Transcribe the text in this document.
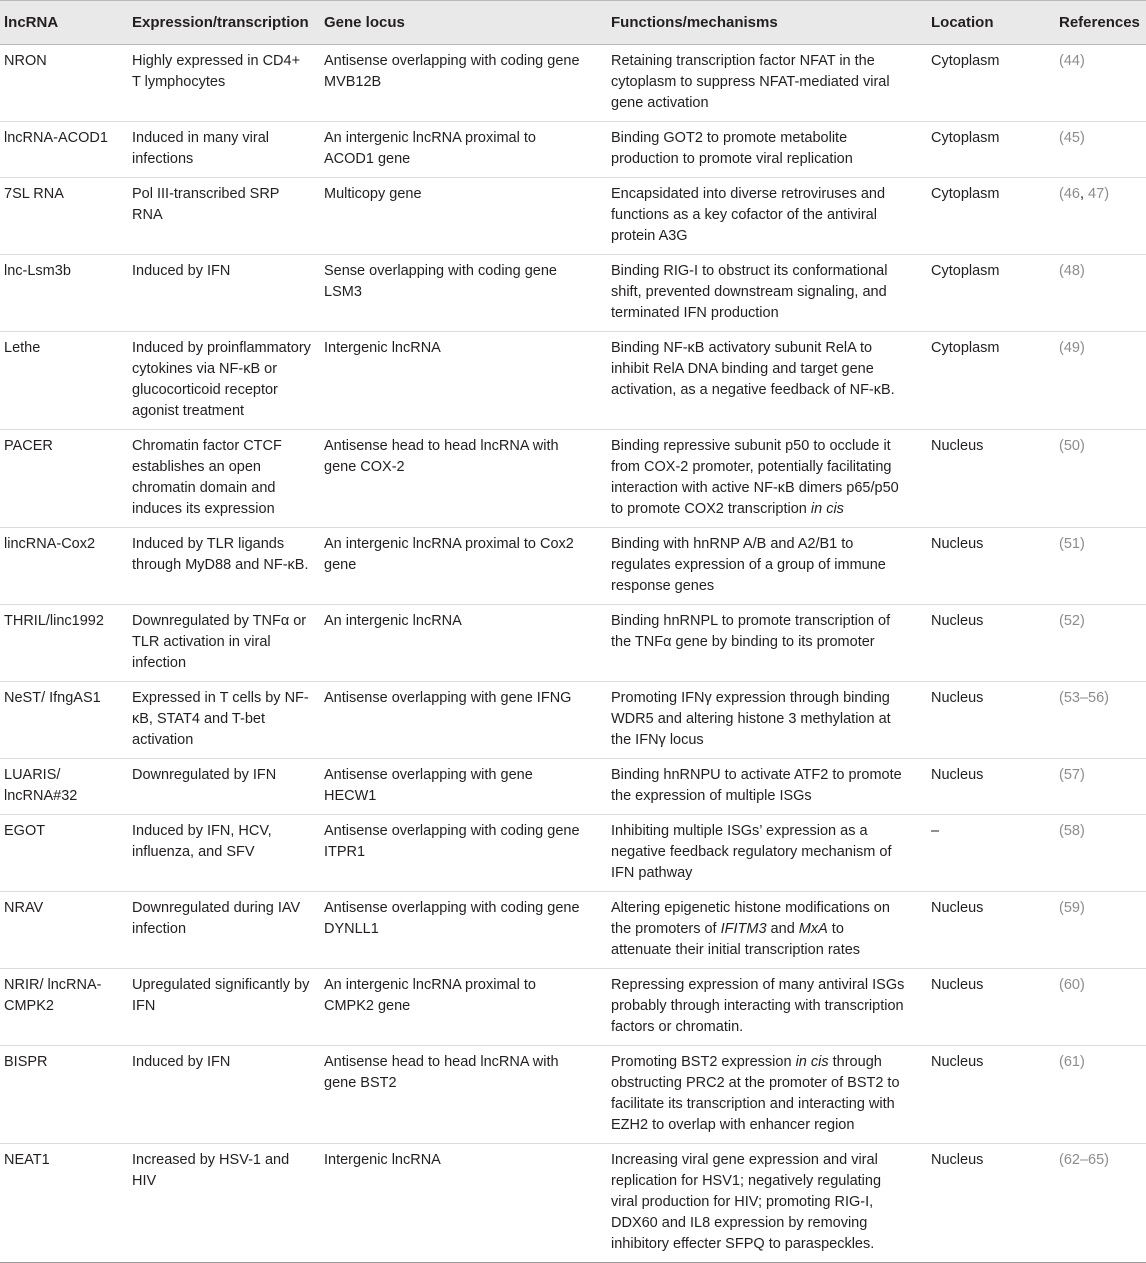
lncRNA	Expression/transcription	Gene locus	Functions/mechanisms	Location	References
NRON	Highly expressed in CD4+ T lymphocytes	Antisense overlapping with coding gene MVB12B	Retaining transcription factor NFAT in the cytoplasm to suppress NFAT-mediated viral gene activation	Cytoplasm	(44)
lncRNA-ACOD1	Induced in many viral infections	An intergenic lncRNA proximal to ACOD1 gene	Binding GOT2 to promote metabolite production to promote viral replication	Cytoplasm	(45)
7SL RNA	Pol III-transcribed SRP RNA	Multicopy gene	Encapsidated into diverse retroviruses and functions as a key cofactor of the antiviral protein A3G	Cytoplasm	(46, 47)
lnc-Lsm3b	Induced by IFN	Sense overlapping with coding gene LSM3	Binding RIG-I to obstruct its conformational shift, prevented downstream signaling, and terminated IFN production	Cytoplasm	(48)
Lethe	Induced by proinflammatory cytokines via NF-κB or glucocorticoid receptor agonist treatment	Intergenic lncRNA	Binding NF-κB activatory subunit RelA to inhibit RelA DNA binding and target gene activation, as a negative feedback of NF-κB.	Cytoplasm	(49)
PACER	Chromatin factor CTCF establishes an open chromatin domain and induces its expression	Antisense head to head lncRNA with gene COX-2	Binding repressive subunit p50 to occlude it from COX-2 promoter, potentially facilitating interaction with active NF-κB dimers p65/p50 to promote COX2 transcription in cis	Nucleus	(50)
lincRNA-Cox2	Induced by TLR ligands through MyD88 and NF-κB.	An intergenic lncRNA proximal to Cox2 gene	Binding with hnRNP A/B and A2/B1 to regulates expression of a group of immune response genes	Nucleus	(51)
THRIL/linc1992	Downregulated by TNFα or TLR activation in viral infection	An intergenic lncRNA	Binding hnRNPL to promote transcription of the TNFα gene by binding to its promoter	Nucleus	(52)
NeST/ IfngAS1	Expressed in T cells by NF-κB, STAT4 and T-bet activation	Antisense overlapping with gene IFNG	Promoting IFNγ expression through binding WDR5 and altering histone 3 methylation at the IFNγ locus	Nucleus	(53–56)
LUARIS/ lncRNA#32	Downregulated by IFN	Antisense overlapping with gene HECW1	Binding hnRNPU to activate ATF2 to promote the expression of multiple ISGs	Nucleus	(57)
EGOT	Induced by IFN, HCV, influenza, and SFV	Antisense overlapping with coding gene ITPR1	Inhibiting multiple ISGs’ expression as a negative feedback regulatory mechanism of IFN pathway	–	(58)
NRAV	Downregulated during IAV infection	Antisense overlapping with coding gene DYNLL1	Altering epigenetic histone modifications on the promoters of IFITM3 and MxA to attenuate their initial transcription rates	Nucleus	(59)
NRIR/ lncRNA-CMPK2	Upregulated significantly by IFN	An intergenic lncRNA proximal to CMPK2 gene	Repressing expression of many antiviral ISGs probably through interacting with transcription factors or chromatin.	Nucleus	(60)
BISPR	Induced by IFN	Antisense head to head lncRNA with gene BST2	Promoting BST2 expression in cis through obstructing PRC2 at the promoter of BST2 to facilitate its transcription and interacting with EZH2 to overlap with enhancer region	Nucleus	(61)
NEAT1	Increased by HSV-1 and HIV	Intergenic lncRNA	Increasing viral gene expression and viral replication for HSV1; negatively regulating viral production for HIV; promoting RIG-I, DDX60 and IL8 expression by removing inhibitory effecter SFPQ to paraspeckles.	Nucleus	(62–65)
